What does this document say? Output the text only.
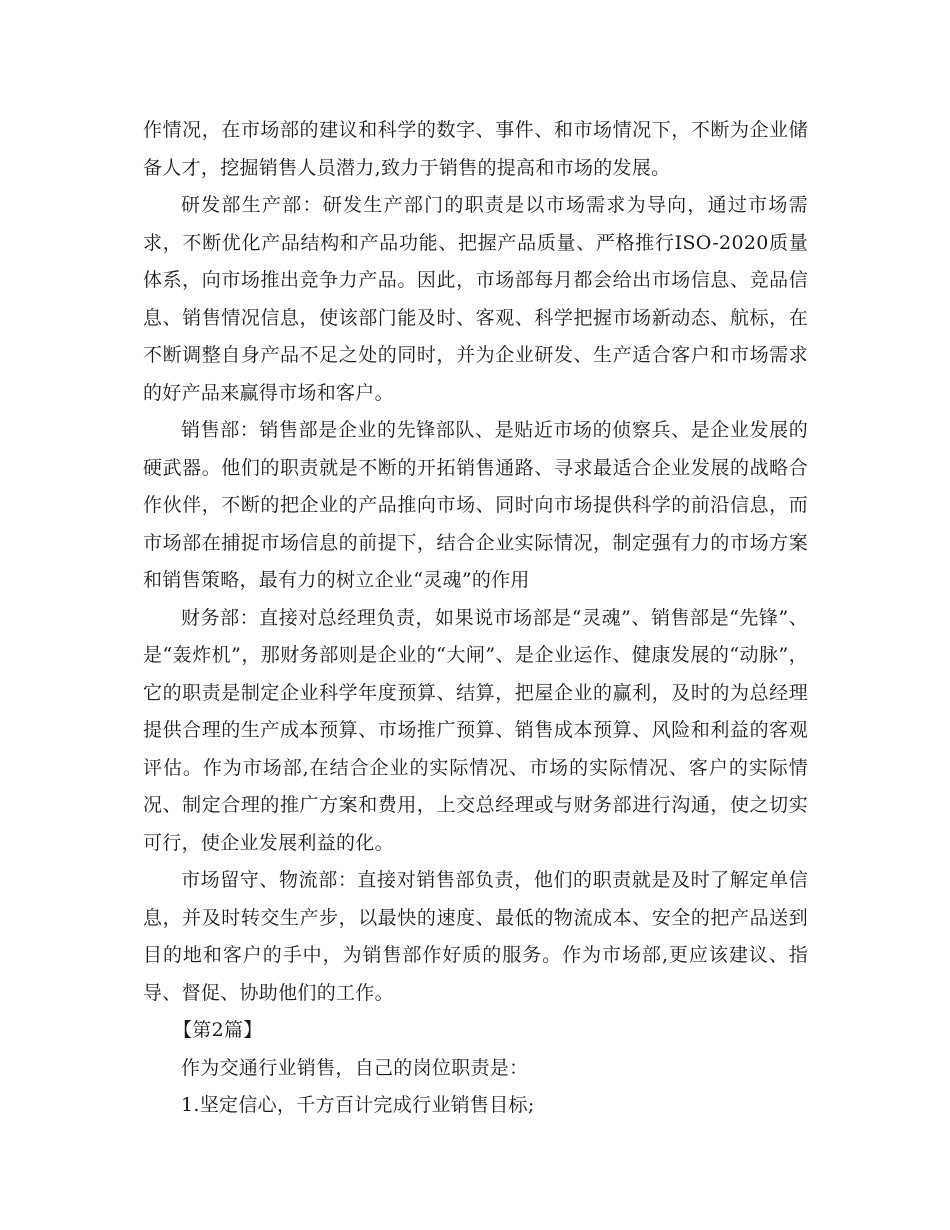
作情况，在市场部的建议和科学的数字、事件、和市场情况下，不断为企业储备人才，挖掘销售人员潜力,致力于销售的提高和市场的发展。

研发部生产部：研发生产部门的职责是以市场需求为导向，通过市场需求，不断优化产品结构和产品功能、把握产品质量、严格推行ISO-2020质量体系，向市场推出竞争力产品。因此，市场部每月都会给出市场信息、竞品信息、销售情况信息，使该部门能及时、客观、科学把握市场新动态、航标，在不断调整自身产品不足之处的同时，并为企业研发、生产适合客户和市场需求的好产品来赢得市场和客户。

销售部：销售部是企业的先锋部队、是贴近市场的侦察兵、是企业发展的硬武器。他们的职责就是不断的开拓销售通路、寻求最适合企业发展的战略合作伙伴，不断的把企业的产品推向市场、同时向市场提供科学的前沿信息，而市场部在捕捉市场信息的前提下，结合企业实际情况，制定强有力的市场方案和销售策略，最有力的树立企业“灵魂”的作用

财务部：直接对总经理负责，如果说市场部是“灵魂”、销售部是“先锋”、是“轰炸机”，那财务部则是企业的“大闸”、是企业运作、健康发展的“动脉”，它的职责是制定企业科学年度预算、结算，把屋企业的赢利，及时的为总经理提供合理的生产成本预算、市场推广预算、销售成本预算、风险和利益的客观评估。作为市场部,在结合企业的实际情况、市场的实际情况、客户的实际情况、制定合理的推广方案和费用，上交总经理或与财务部进行沟通，使之切实可行，使企业发展利益的化。

市场留守、物流部：直接对销售部负责，他们的职责就是及时了解定单信息，并及时转交生产步，以最快的速度、最低的物流成本、安全的把产品送到目的地和客户的手中，为销售部作好质的服务。作为市场部,更应该建议、指导、督促、协助他们的工作。

【第2篇】

作为交通行业销售，自己的岗位职责是：

1.坚定信心，千方百计完成行业销售目标;
